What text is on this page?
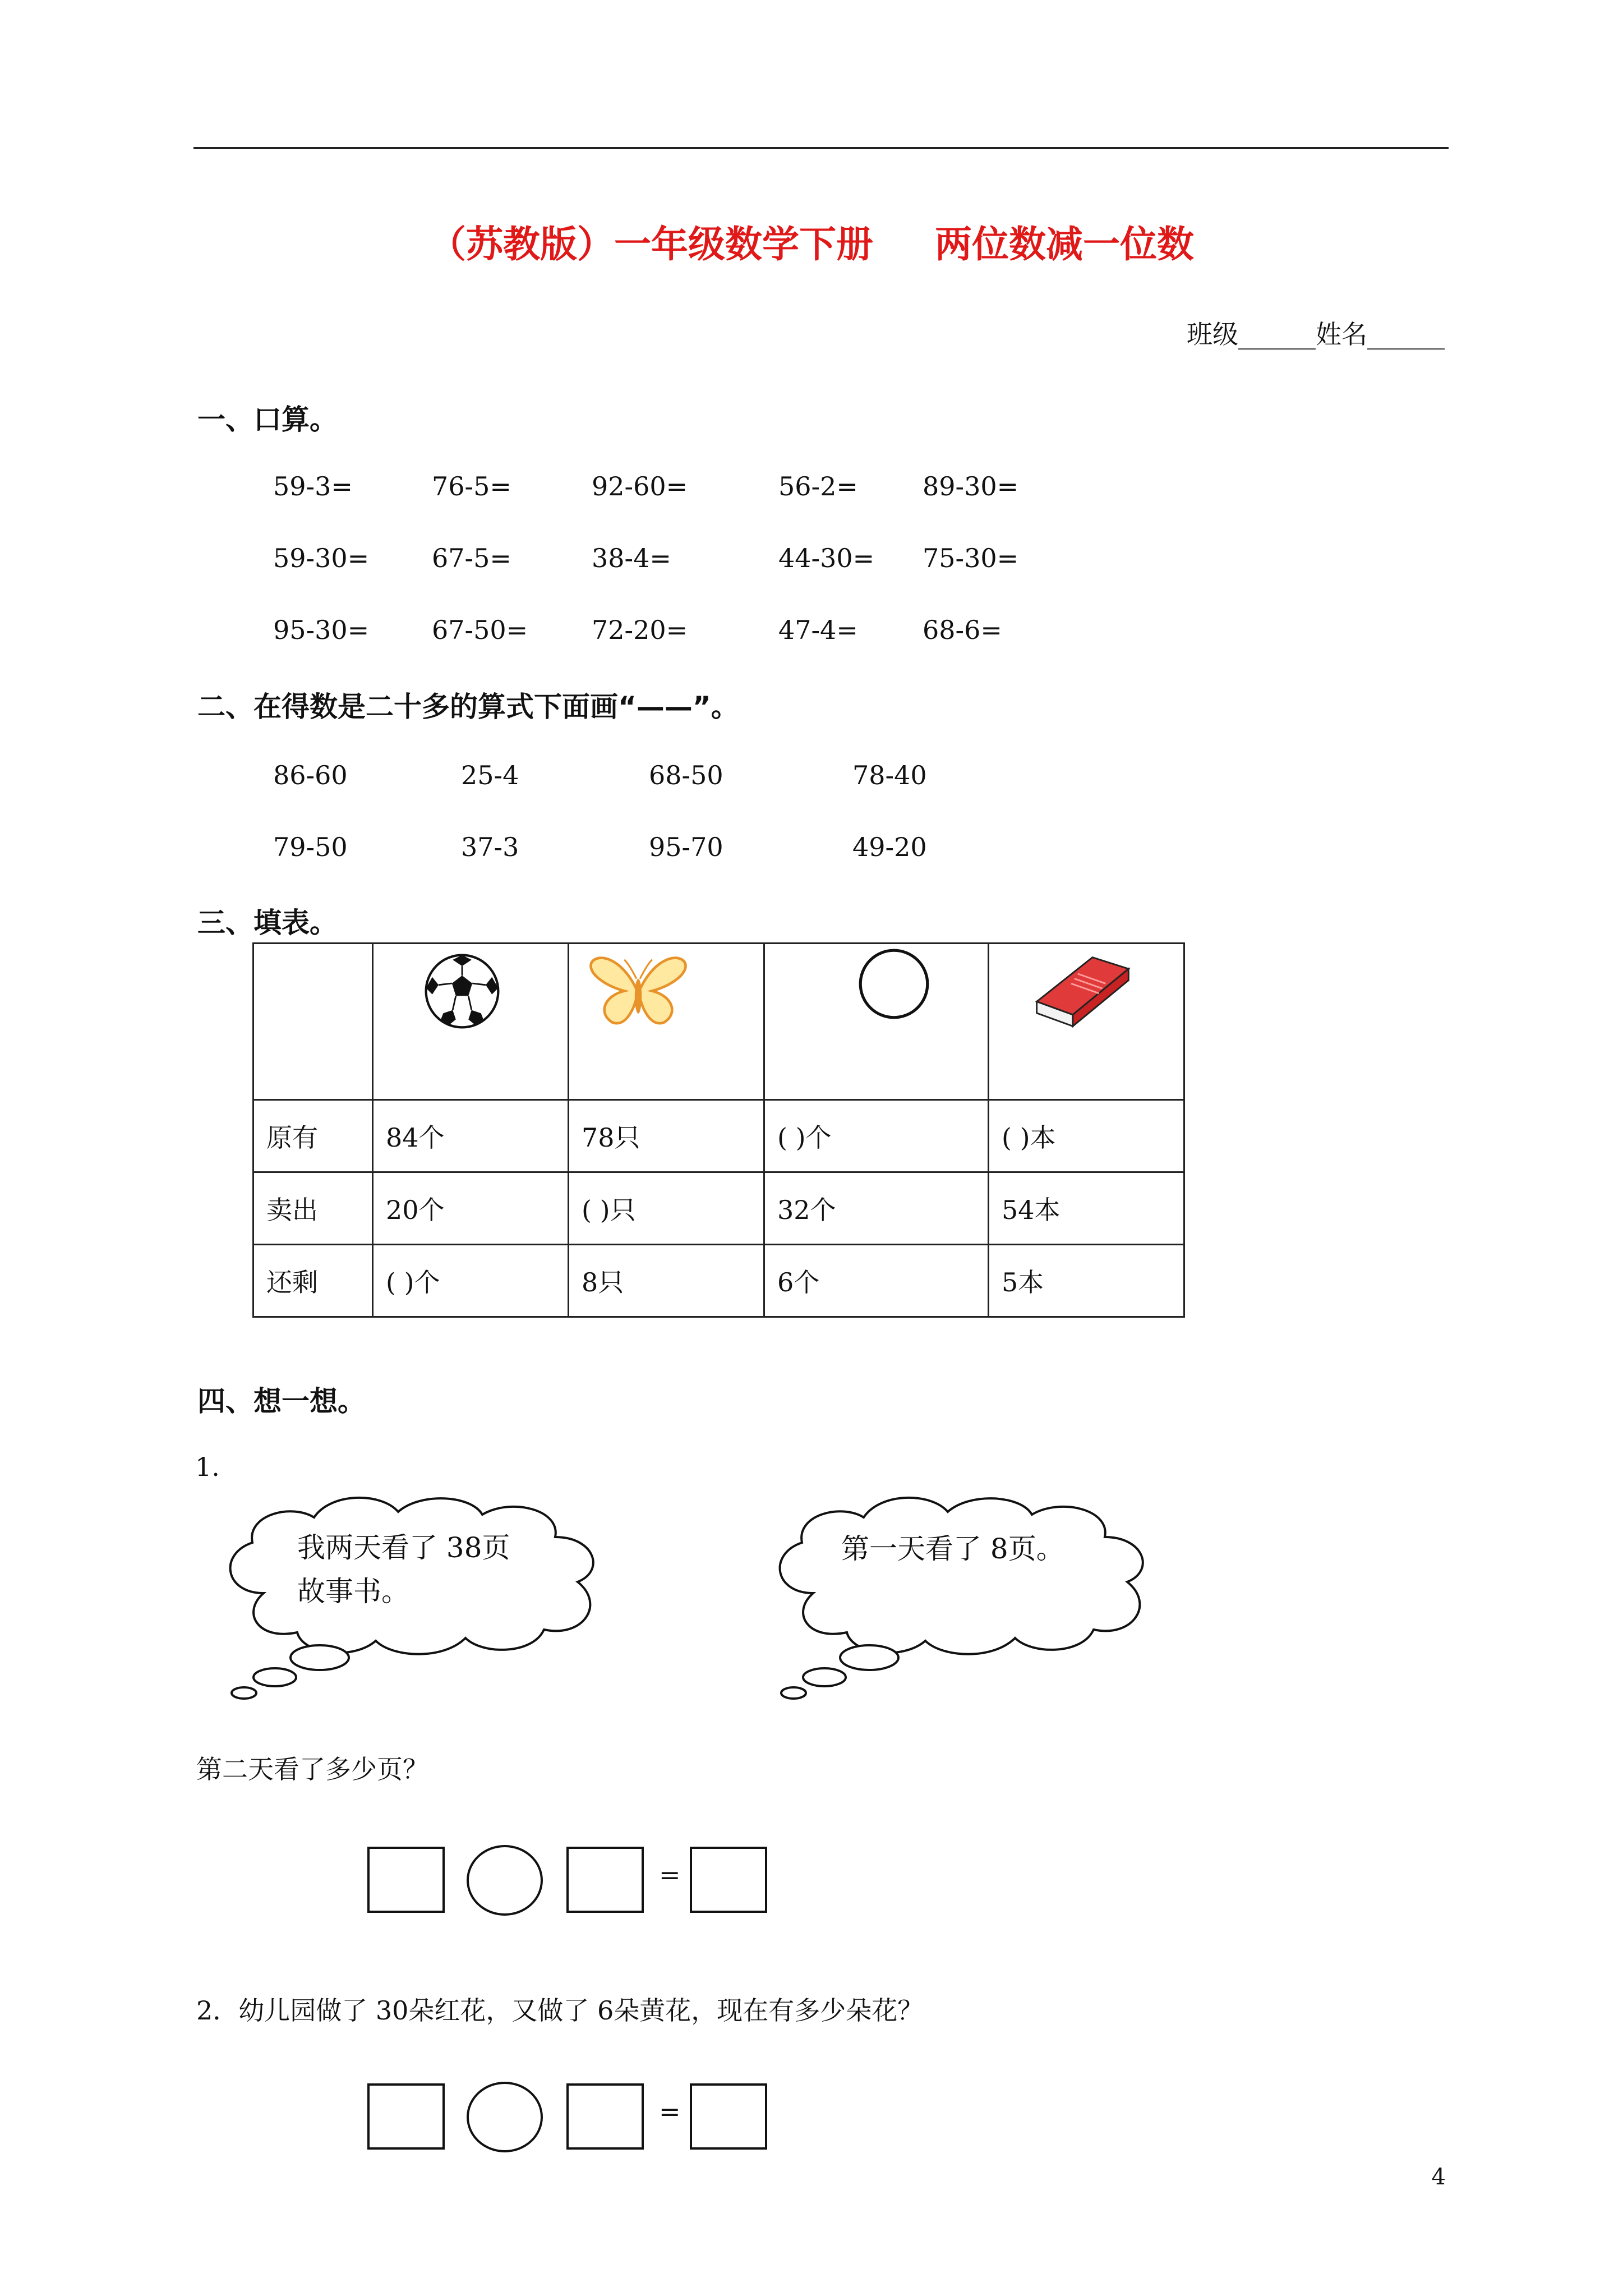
（苏教版）一年级数学下册 两位数减一位数
班级______姓名______
一、口算。
59-3=	76-5=	92-60=	56-2=	89-30=
59-30= 67-5=	38-4=	44-30= 75-30=
95-30= 67-50= 72-20=	47-4=	68-6=
二、在得数是二十多的算式下面画“——”。
86-60	25-4	68-50	78-40
79-50	37-3	95-70	49-20
三、填表。

原有	84个	78只	( )个	( )本
卖出	20个	( )只	32个	54本
还剩	( )个	8只	6个	5本
四、想一想。
1.
我两天看了 38页
故事书。
第一天看了 8页。
第二天看了多少页？
=
2．幼儿园做了 30朵红花，又做了 6朵黄花，现在有多少朵花？
=
4
